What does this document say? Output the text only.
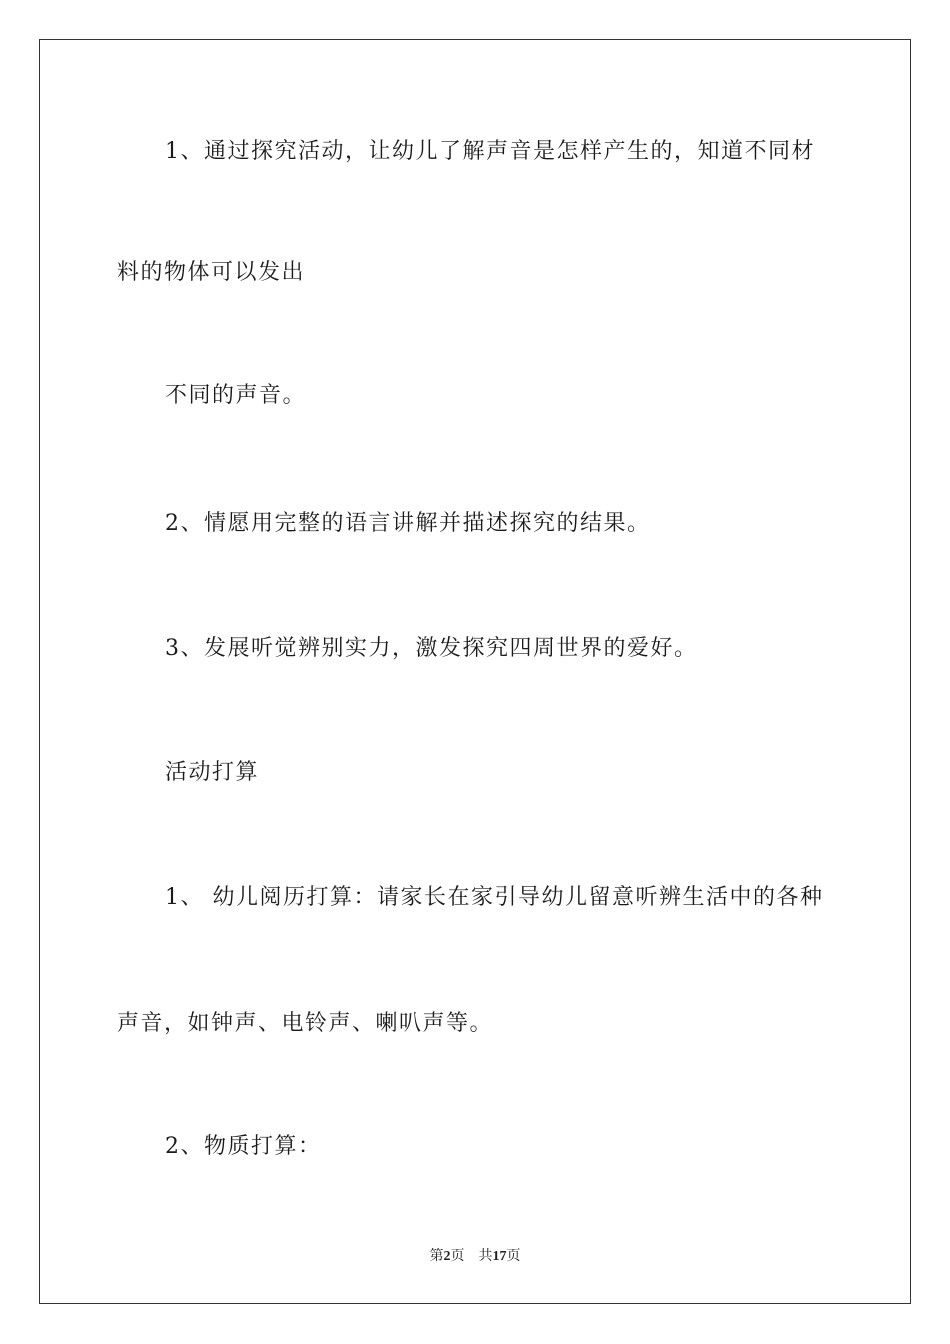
1、通过探究活动，让幼儿了解声音是怎样产生的，知道不同材
料的物体可以发出
不同的声音。
2、情愿用完整的语言讲解并描述探究的结果。
3、发展听觉辨别实力，激发探究四周世界的爱好。
活动打算
1、 幼儿阅历打算：请家长在家引导幼儿留意听辨生活中的各种
声音，如钟声、电铃声、喇叭声等。
2、物质打算：
第2页 共17页
